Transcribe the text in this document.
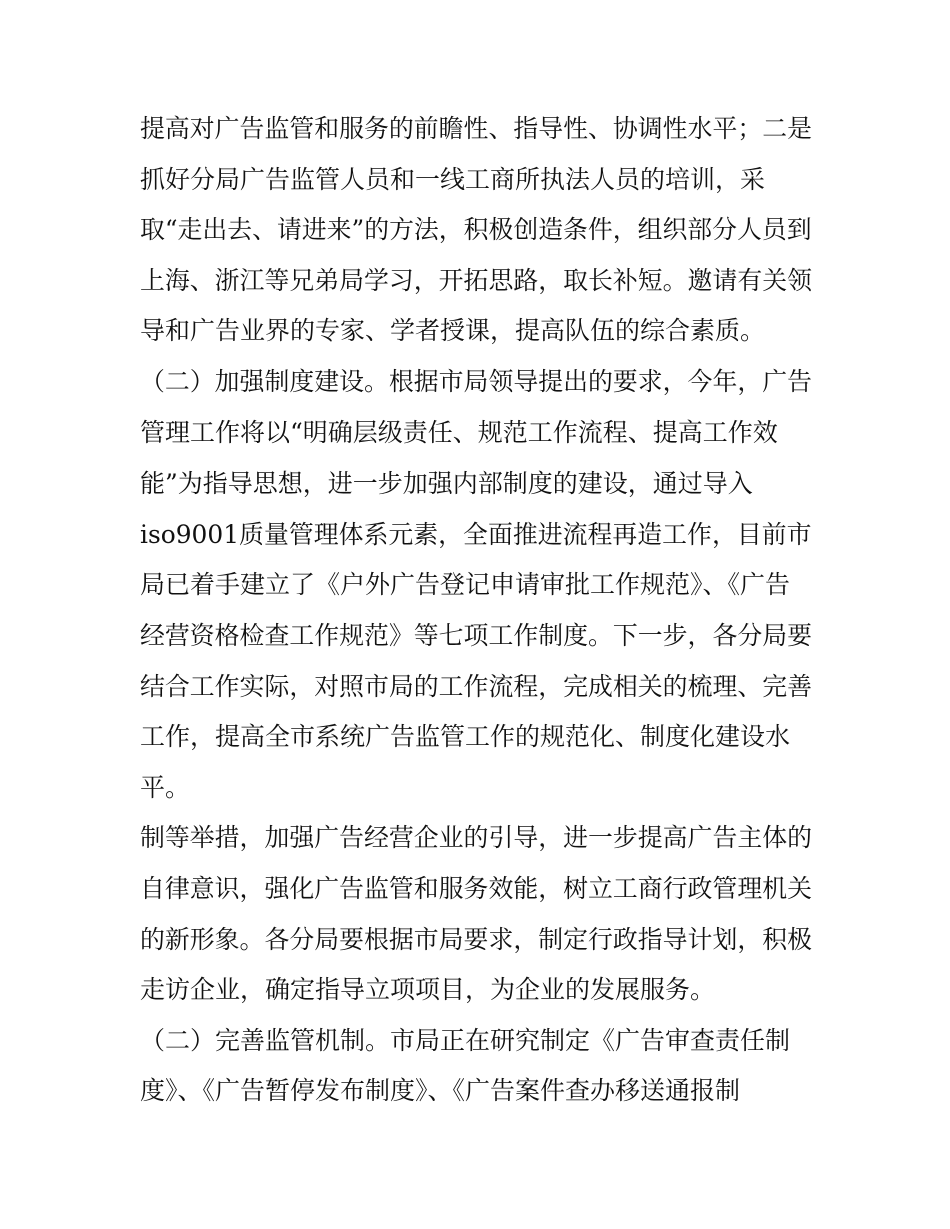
提高对广告监管和服务的前瞻性、指导性、协调性水平；二是
抓好分局广告监管人员和一线工商所执法人员的培训，采
取“走出去、请进来”的方法，积极创造条件，组织部分人员到
上海、浙江等兄弟局学习，开拓思路，取长补短。邀请有关领
导和广告业界的专家、学者授课，提高队伍的综合素质。
（二）加强制度建设。根据市局领导提出的要求，今年，广告
管理工作将以“明确层级责任、规范工作流程、提高工作效
能”为指导思想，进一步加强内部制度的建设，通过导入
iso9001质量管理体系元素，全面推进流程再造工作，目前市
局已着手建立了《户外广告登记申请审批工作规范》、《广告
经营资格检查工作规范》等七项工作制度。下一步，各分局要
结合工作实际，对照市局的工作流程，完成相关的梳理、完善
工作，提高全市系统广告监管工作的规范化、制度化建设水
平。
制等举措，加强广告经营企业的引导，进一步提高广告主体的
自律意识，强化广告监管和服务效能，树立工商行政管理机关
的新形象。各分局要根据市局要求，制定行政指导计划，积极
走访企业，确定指导立项项目，为企业的发展服务。
（二）完善监管机制。市局正在研究制定《广告审查责任制
度》、《广告暂停发布制度》、《广告案件查办移送通报制
